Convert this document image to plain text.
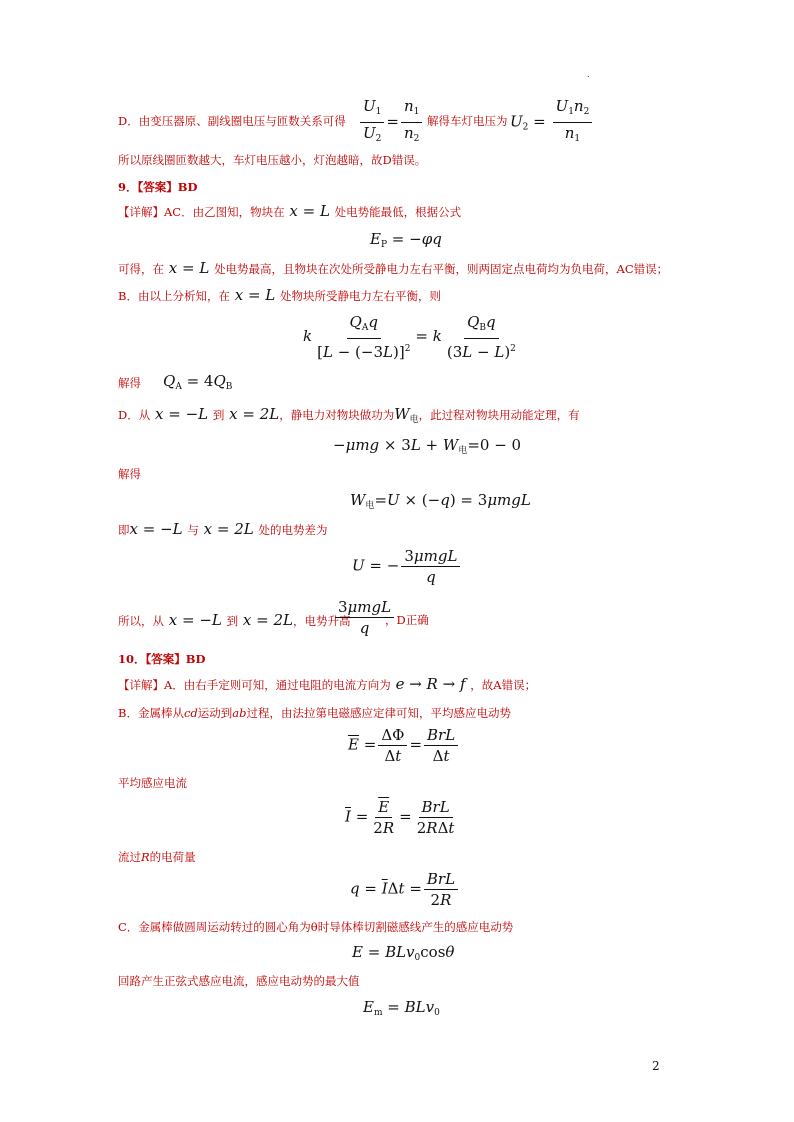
.
D．由变压器原、副线圈电压与匝数关系可得 $\frac{U_1}{U_2} = \frac{n_1}{n_2}$ 解得车灯电压为 $U_2 = \frac{U_1n_2}{n_1}$
所以原线圈匝数越大，车灯电压越小，灯泡越暗，故D错误。
9．【答案】BD
【详解】AC．由乙图知，物块在 x = L 处电势能最低，根据公式
$E_P = -\varphi q$
可得，在 x = L 处电势最高，且物块在次处所受静电力左右平衡，则两固定点电荷均为负电荷，AC错误；
B．由以上分析知，在 x = L 处物块所受静电力左右平衡，则
k $\frac{Q_Aq}{[L - (-3L)]^2} = k \frac{Q_Bq}{(3L - L)^2}$
解得 $Q_A = 4Q_B$
D．从 x = −L 到 x = 2L，静电力对物块做功为$W_电$，此过程对物块用动能定理，有
$-\mu mg \times 3L + W_电=0 - 0$
解得
$W_电=U \times (-q) = 3\mu mgL$
即x = −L 与 x = 2L 处的电势差为
U = − $\frac{\text{3μmgL}}{q}$
所以，从 x = −L 到 x = 2L，电势升高
$\frac{\text{3μmgL}}{q}$
，D正确
10．【答案】BD
【详解】A．由右手定则可知，通过电阻的电流方向为 e → R → f ，故A错误；
B．金属棒从cd运动到ab过程，由法拉第电磁感应定律可知，平均感应电动势
$\overline{E} = \frac{\Delta\Phi}{\Delta t} = \frac{\text{BrL}}{\Delta t}$
平均感应电流
$\overline{I} = \frac{\overline{E}}{2R} = \frac{\text{BrL}}{\text{2RΔt}}$
流过R的电荷量
$q = \overline{I}\Delta t = \frac{\text{BrL}}{2R}$
C．金属棒做圆周运动转过的圆心角为θ时导体棒切割磁感线产生的感应电动势
E = BLv$_0$cosθ
回路产生正弦式感应电流，感应电动势的最大值
$E_m = BLv_0$
2
